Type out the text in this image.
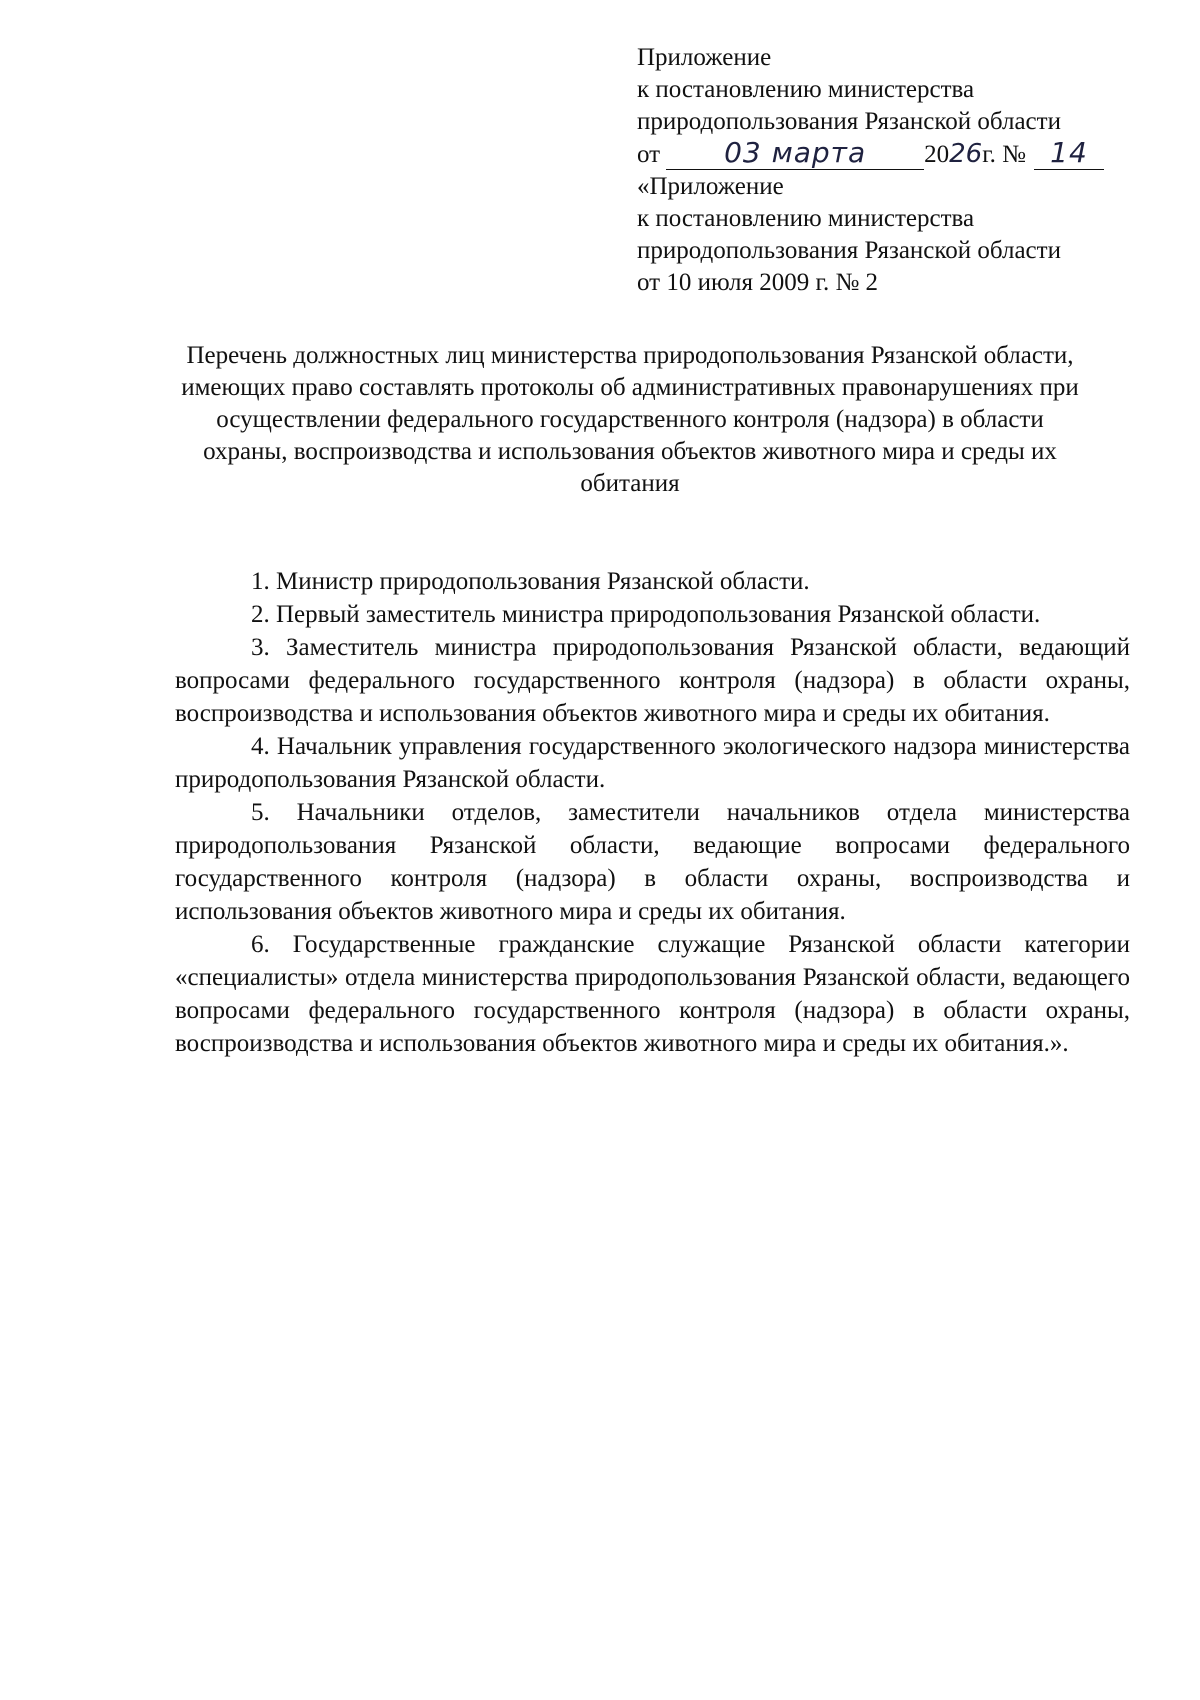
Приложение
к постановлению министерства
природопользования Рязанской области
от 03 марта 2026г. № 14
«Приложение
к постановлению министерства
природопользования Рязанской области
от 10 июля 2009 г. № 2
Перечень должностных лиц министерства природопользования Рязанской области, имеющих право составлять протоколы об административных правонарушениях при осуществлении федерального государственного контроля (надзора) в области охраны, воспроизводства и использования объектов животного мира и среды их обитания

1. Министр природопользования Рязанской области.

2. Первый заместитель министра природопользования Рязанской области.

3. Заместитель министра природопользования Рязанской области, ведающий вопросами федерального государственного контроля (надзора) в области охраны, воспроизводства и использования объектов животного мира и среды их обитания.

4. Начальник управления государственного экологического надзора министерства природопользования Рязанской области.

5. Начальники отделов, заместители начальников отдела министерства природопользования Рязанской области, ведающие вопросами федерального государственного контроля (надзора) в области охраны, воспроизводства и использования объектов животного мира и среды их обитания.

6. Государственные гражданские служащие Рязанской области категории «специалисты» отдела министерства природопользования Рязанской области, ведающего вопросами федерального государственного контроля (надзора) в области охраны, воспроизводства и использования объектов животного мира и среды их обитания.».
